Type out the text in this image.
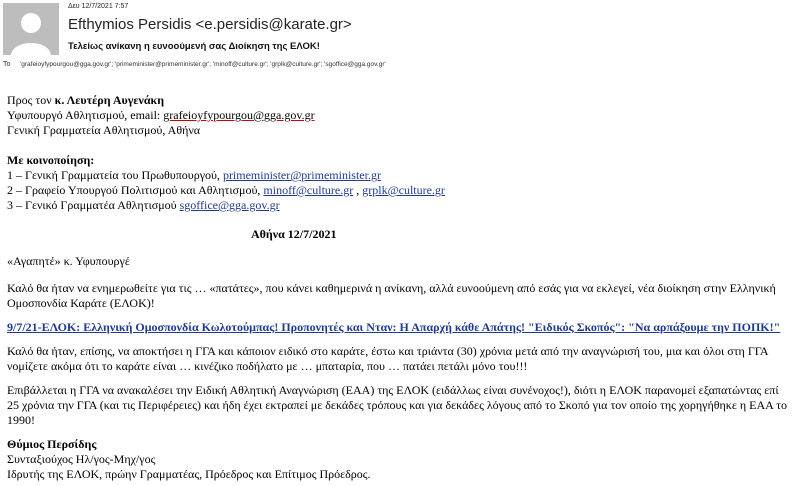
Δευ 12/7/2021 7:57
Efthymios Persidis <e.persidis@karate.gr>
Τελείως ανίκανη η ευνοούμενή σας Διοίκηση της ΕΛΟΚ!
To 'grafeioyfypourgou@gga.gov.gr'; 'primeminister@primeminister.gr'; 'minoff@culture.gr'; 'grplk@culture.gr'; 'sgoffice@gga.gov.gr'

Προς τον κ. Λευτέρη Αυγενάκη

Υφυπουργό Αθλητισμού, email: grafeioyfypourgou@gga.gov.gr

Γενική Γραμματεία Αθλητισμού, Αθήνα

Με κοινοποίηση:

1 – Γενική Γραμματεία του Πρωθυπουργού, primeminister@primeminister.gr

2 – Γραφείο Υπουργού Πολιτισμού και Αθλητισμού, minoff@culture.gr , grplk@culture.gr

3 – Γενικό Γραμματέα Αθλητισμού sgoffice@gga.gov.gr

Αθήνα 12/7/2021

«Αγαπητέ» κ. Υφυπουργέ

Καλό θα ήταν να ενημερωθείτε για τις … «πατάτες», που κάνει καθημερινά η ανίκανη, αλλά ευνοούμενη από εσάς για να εκλεγεί, νέα διοίκηση στην Ελληνική Ομοσπονδία Καράτε (ΕΛΟΚ)!

9/7/21-ΕΛΟΚ: Ελληνική Ομοσπονδία Κωλοτούμπας! Προπονητές και Νταν: Η Απαρχή κάθε Απάτης! "Ειδικός Σκοπός": "Να αρπάξουμε την ΠΟΠΚ!"

Καλό θα ήταν, επίσης, να αποκτήσει η ΓΓΑ και κάποιον ειδικό στο καράτε, έστω και τριάντα (30) χρόνια μετά από την αναγνώρισή του, μια και όλοι στη ΓΓΑ νομίζετε ακόμα ότι το καράτε είναι … κινέζικο ποδήλατο με … μπαταρία, που … πατάει πετάλι μόνο του!!!

Επιβάλλεται η ΓΓΑ να ανακαλέσει την Ειδική Αθλητική Αναγνώριση (ΕΑΑ) της ΕΛΟΚ (ειδάλλως είναι συνένοχος!), διότι η ΕΛΟΚ παρανομεί εξαπατώντας επί 25 χρόνια την ΓΓΑ (και τις Περιφέρειες) και ήδη έχει εκτραπεί με δεκάδες τρόπους και για δεκάδες λόγους από το Σκοπό για τον οποίο της χορηγήθηκε η ΕΑΑ το 1990!

Θύμιος Περσίδης

Συνταξιούχος Ηλ/γος-Μηχ/γος

Ιδρυτής της ΕΛΟΚ, πρώην Γραμματέας, Πρόεδρος και Επίτιμος Πρόεδρος.
